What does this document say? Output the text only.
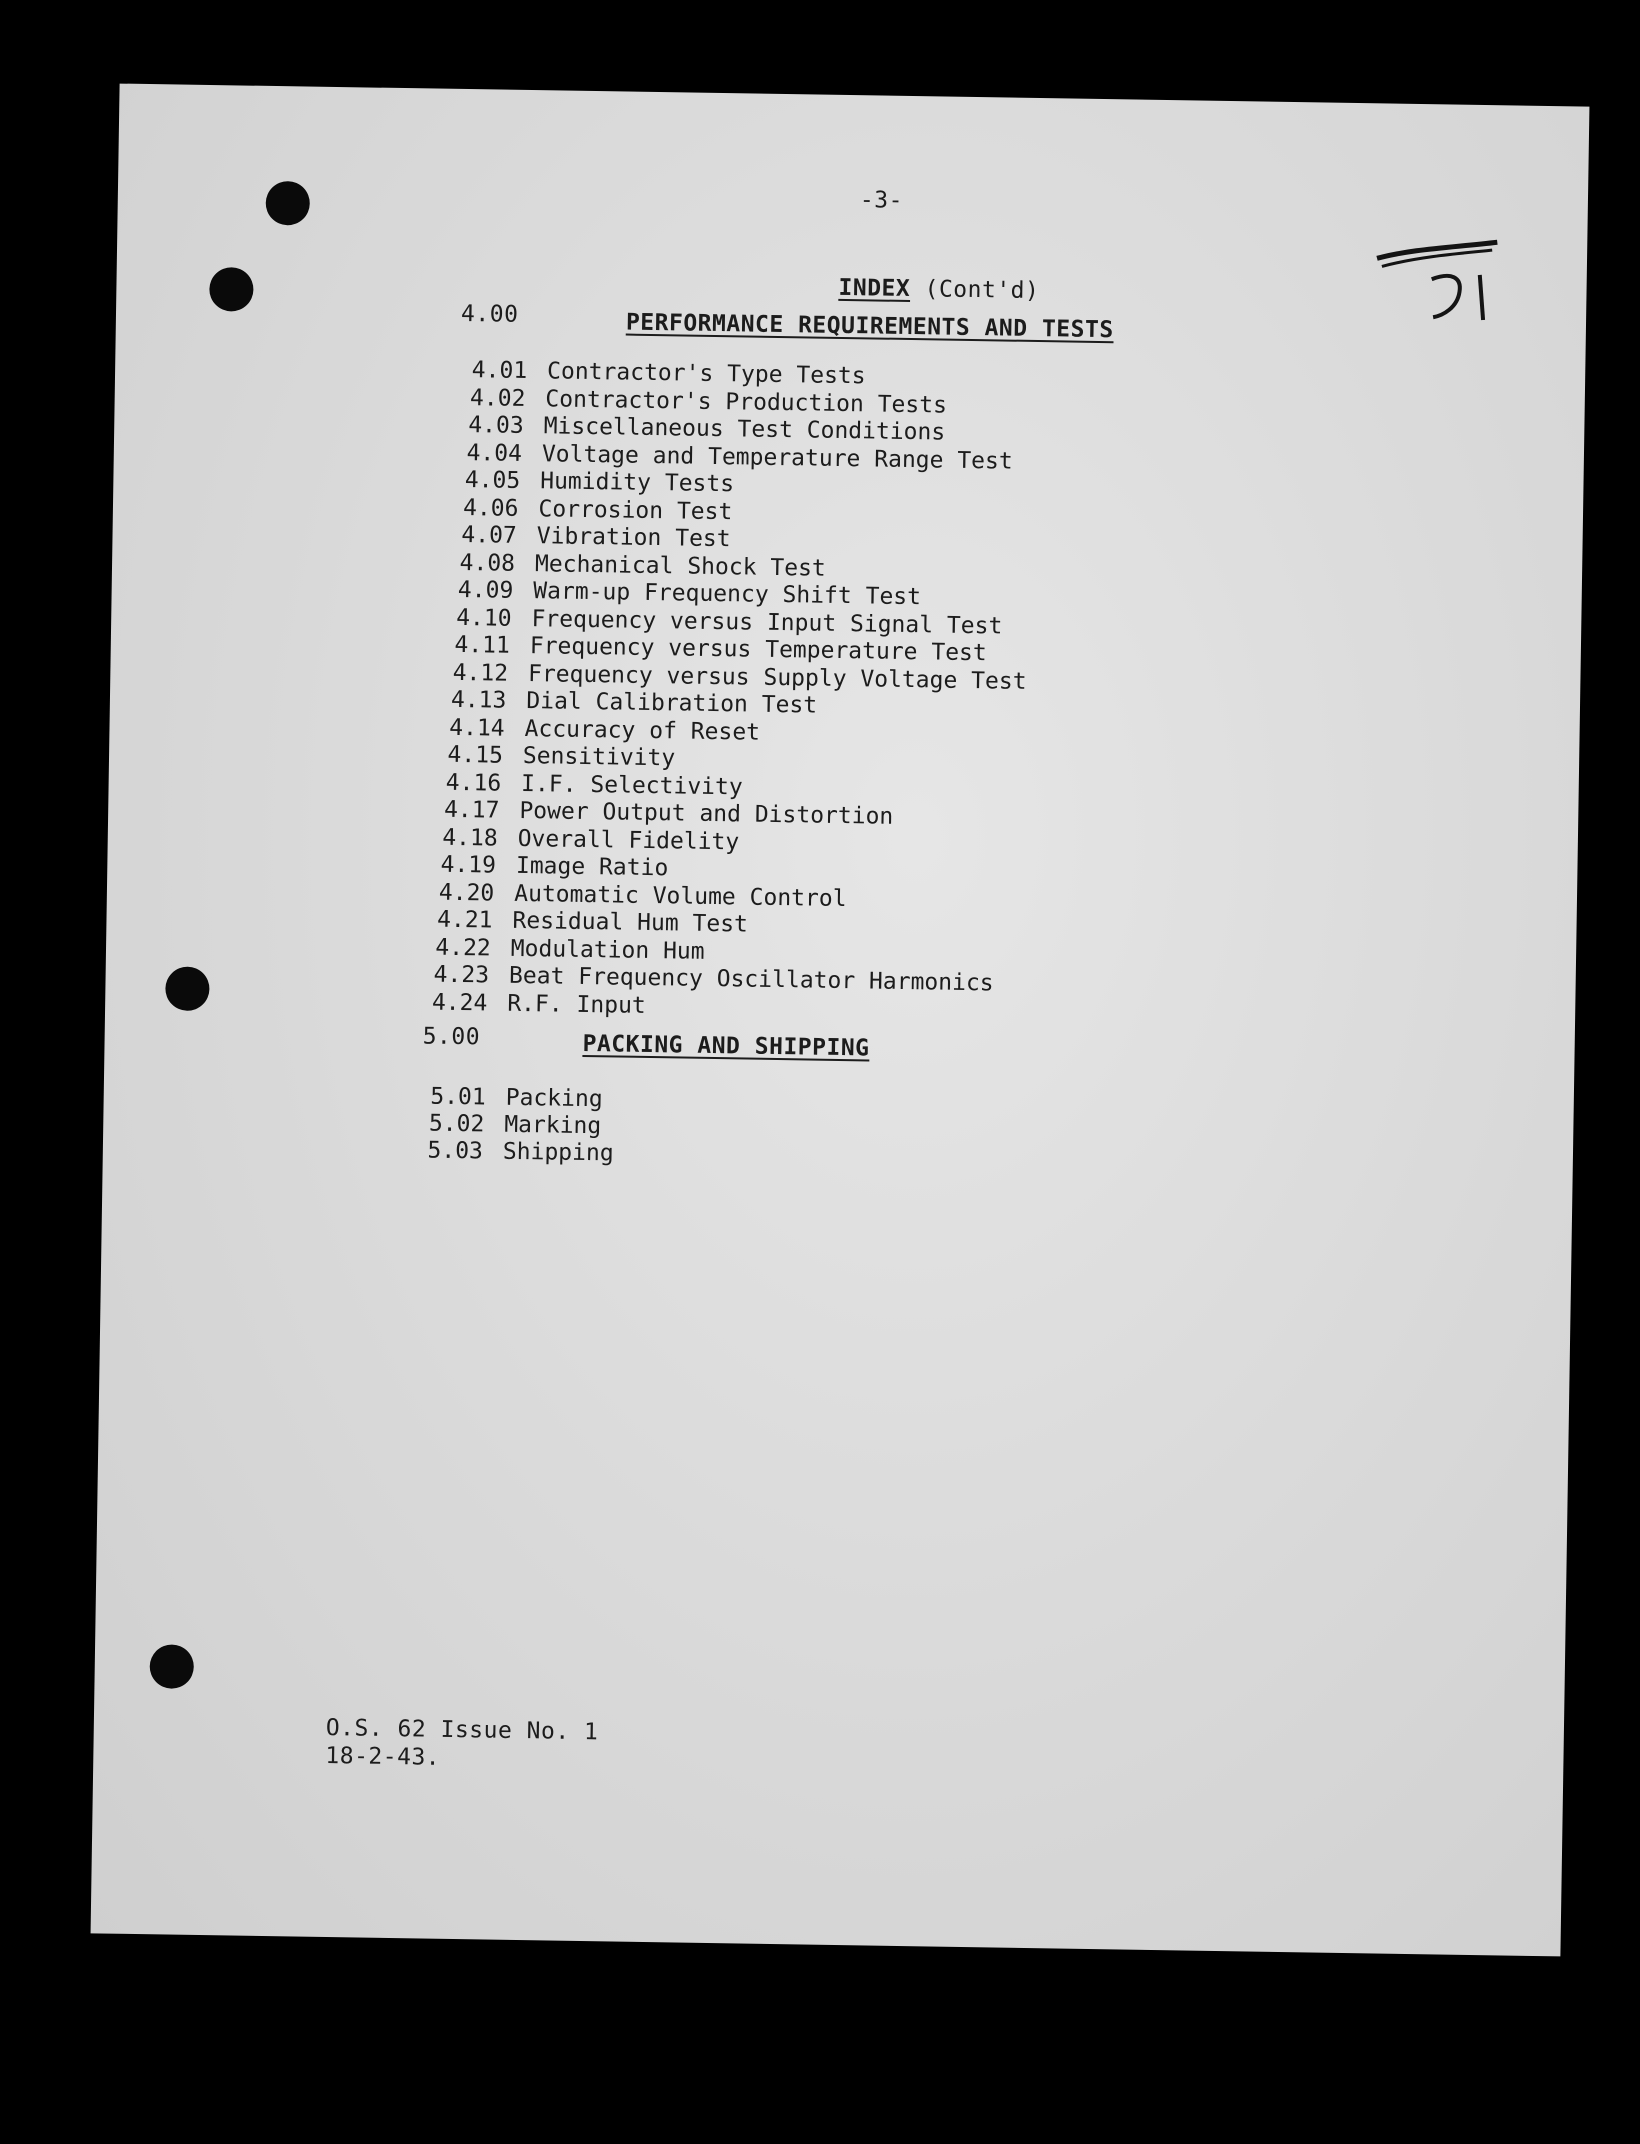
-3-
INDEX (Cont'd)
4.00	PERFORMANCE REQUIREMENTS AND TESTS
4.01 Contractor's Type Tests
4.02 Contractor's Production Tests
4.03 Miscellaneous Test Conditions
4.04 Voltage and Temperature Range Test
4.05 Humidity Tests
4.06 Corrosion Test
4.07 Vibration Test
4.08 Mechanical Shock Test
4.09 Warm-up Frequency Shift Test
4.10 Frequency versus Input Signal Test
4.11 Frequency versus Temperature Test
4.12 Frequency versus Supply Voltage Test
4.13 Dial Calibration Test
4.14 Accuracy of Reset
4.15 Sensitivity
4.16 I.F. Selectivity
4.17 Power Output and Distortion
4.18 Overall Fidelity
4.19 Image Ratio
4.20 Automatic Volume Control
4.21 Residual Hum Test
4.22 Modulation Hum
4.23 Beat Frequency Oscillator Harmonics
4.24 R.F. Input
5.00	PACKING AND SHIPPING
5.01 Packing
5.02 Marking
5.03 Shipping
O.S. 62 Issue No. 1
18-2-43.
